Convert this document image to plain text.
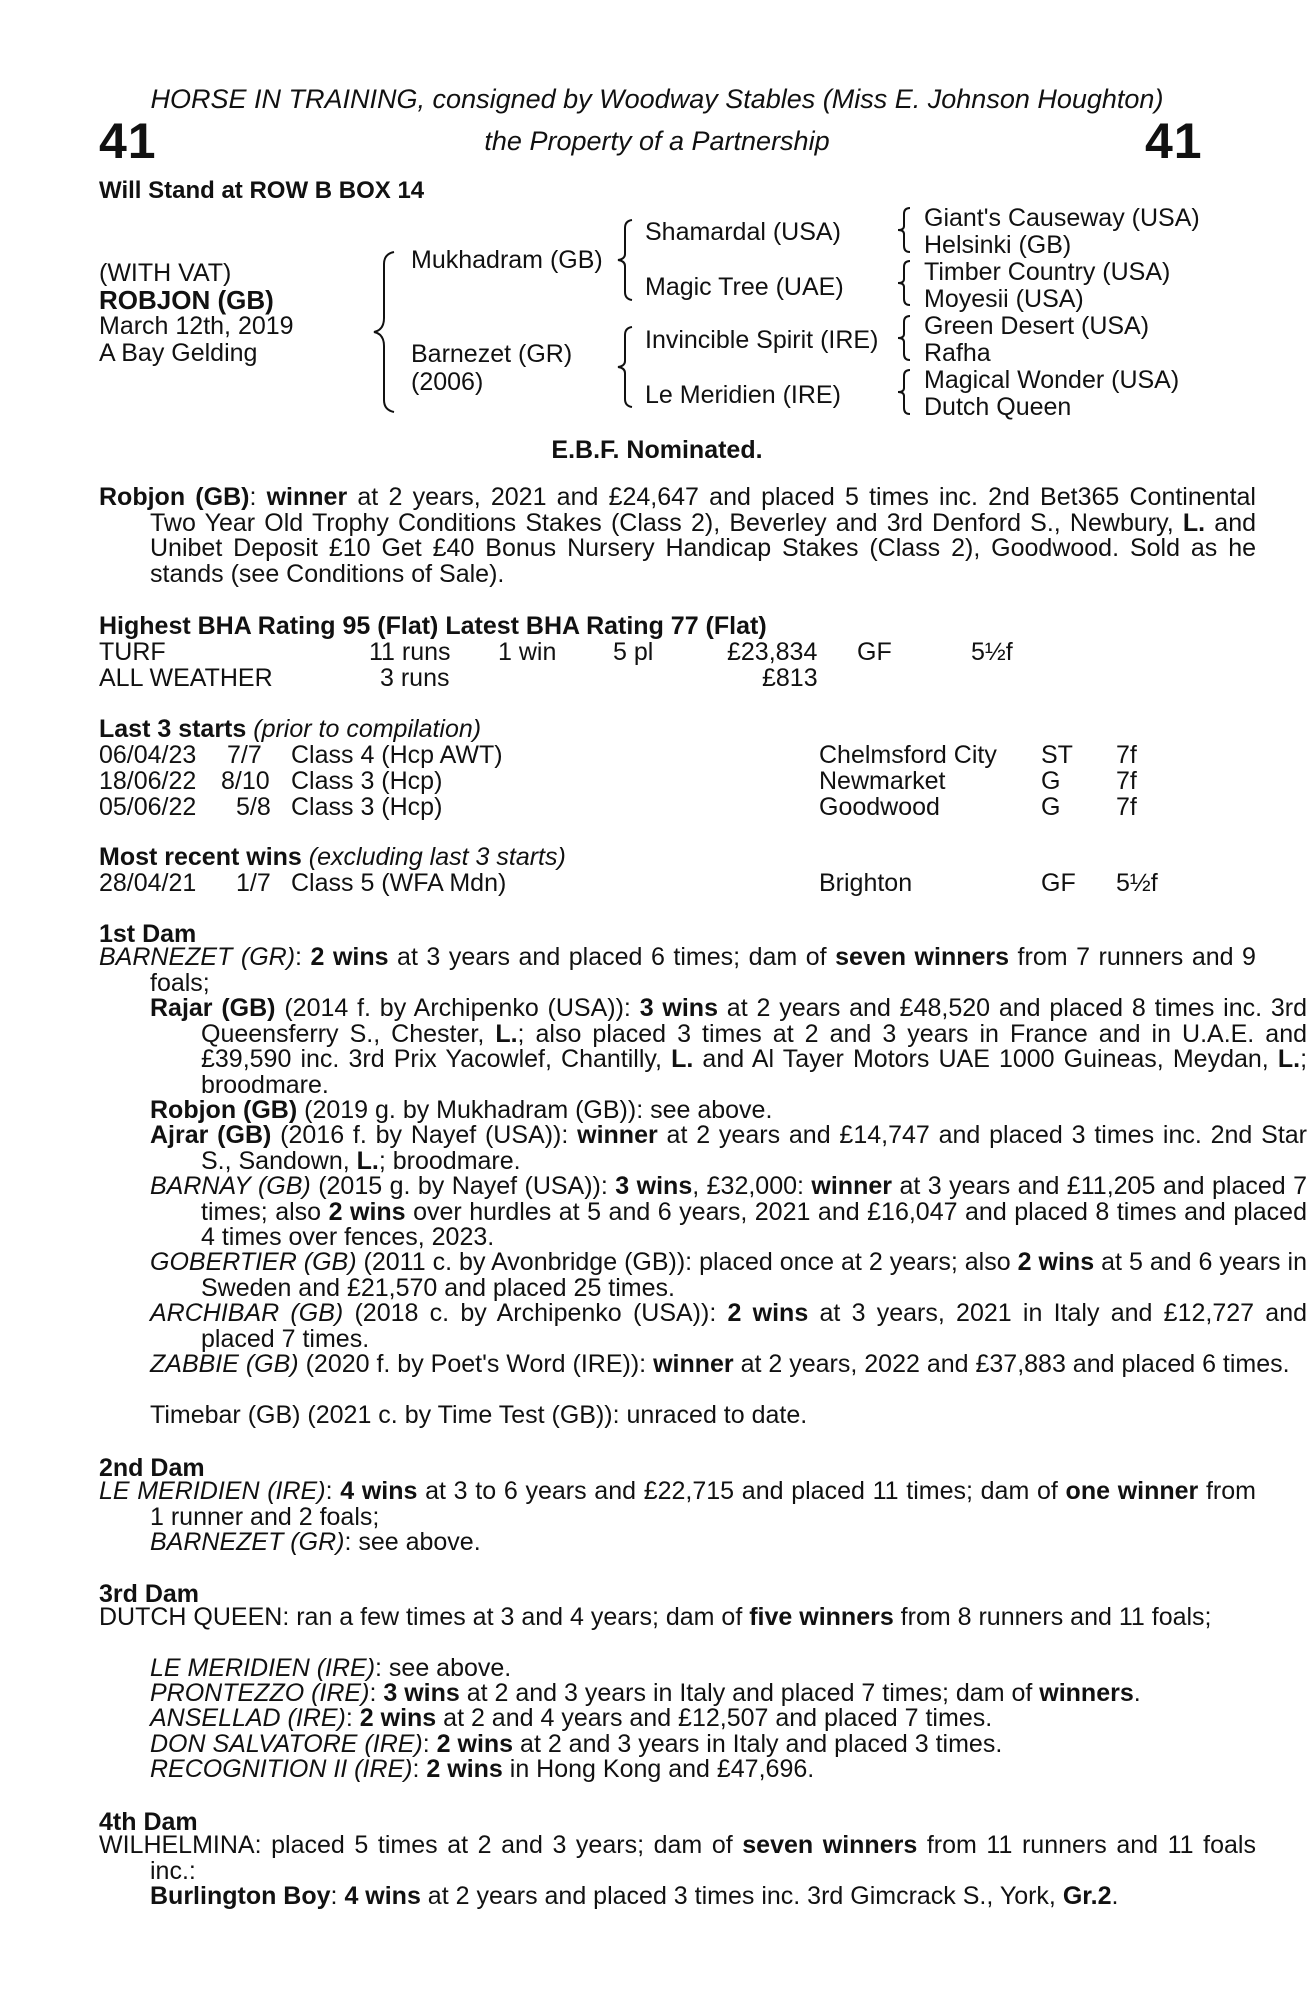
HORSE IN TRAINING, consigned by Woodway Stables (Miss E. Johnson Houghton)
the Property of a Partnership
41	41
Will Stand at ROW B BOX 14
(WITH VAT)
ROBJON (GB)
March 12th, 2019
A Bay Gelding
Mukhadram (GB)
Barnezet (GR)
(2006)
Shamardal (USA)
Magic Tree (UAE)
Invincible Spirit (IRE)
Le Meridien (IRE)
Giant's Causeway (USA)
Helsinki (GB)
Timber Country (USA)
Moyesii (USA)
Green Desert (USA)
Rafha
Magical Wonder (USA)
Dutch Queen
E.B.F. Nominated.
Robjon (GB): winner at 2 years, 2021 and £24,647 and placed 5 times inc. 2nd Bet365 Continental Two Year Old Trophy Conditions Stakes (Class 2), Beverley and 3rd Denford S., Newbury, L. and Unibet Deposit £10 Get £40 Bonus Nursery Handicap Stakes (Class 2), Goodwood. Sold as he stands (see Conditions of Sale).
Highest BHA Rating 95 (Flat) Latest BHA Rating 77 (Flat)
TURF	11 runs 1 win 5 pl	£23,834 GF	5½f
ALL WEATHER	3 runs	£813
Last 3 starts (prior to compilation)
06/04/23 7/7 Class 4 (Hcp AWT)	Chelmsford City ST 7f
18/06/22 8/10 Class 3 (Hcp)	Newmarket	G 7f
05/06/22 5/8 Class 3 (Hcp)	Goodwood	G 7f
Most recent wins (excluding last 3 starts)
28/04/21 1/7 Class 5 (WFA Mdn)	Brighton	GF 5½f
1st Dam
BARNEZET (GR): 2 wins at 3 years and placed 6 times; dam of seven winners from 7 runners and 9 foals;
Rajar (GB) (2014 f. by Archipenko (USA)): 3 wins at 2 years and £48,520 and placed 8 times inc. 3rd Queensferry S., Chester, L.; also placed 3 times at 2 and 3 years in France and in U.A.E. and £39,590 inc. 3rd Prix Yacowlef, Chantilly, L. and Al Tayer Motors UAE 1000 Guineas, Meydan, L.; broodmare.
Robjon (GB) (2019 g. by Mukhadram (GB)): see above.
Ajrar (GB) (2016 f. by Nayef (USA)): winner at 2 years and £14,747 and placed 3 times inc. 2nd Star S., Sandown, L.; broodmare.
BARNAY (GB) (2015 g. by Nayef (USA)): 3 wins, £32,000: winner at 3 years and £11,205 and placed 7 times; also 2 wins over hurdles at 5 and 6 years, 2021 and £16,047 and placed 8 times and placed 4 times over fences, 2023.
GOBERTIER (GB) (2011 c. by Avonbridge (GB)): placed once at 2 years; also 2 wins at 5 and 6 years in Sweden and £21,570 and placed 25 times.
ARCHIBAR (GB) (2018 c. by Archipenko (USA)): 2 wins at 3 years, 2021 in Italy and £12,727 and placed 7 times.
ZABBIE (GB) (2020 f. by Poet's Word (IRE)): winner at 2 years, 2022 and £37,883 and placed 6 times.
Timebar (GB) (2021 c. by Time Test (GB)): unraced to date.
2nd Dam
LE MERIDIEN (IRE): 4 wins at 3 to 6 years and £22,715 and placed 11 times; dam of one winner from 1 runner and 2 foals;
BARNEZET (GR): see above.
3rd Dam
DUTCH QUEEN: ran a few times at 3 and 4 years; dam of five winners from 8 runners and 11 foals;
LE MERIDIEN (IRE): see above.
PRONTEZZO (IRE): 3 wins at 2 and 3 years in Italy and placed 7 times; dam of winners.
ANSELLAD (IRE): 2 wins at 2 and 4 years and £12,507 and placed 7 times.
DON SALVATORE (IRE): 2 wins at 2 and 3 years in Italy and placed 3 times.
RECOGNITION II (IRE): 2 wins in Hong Kong and £47,696.
4th Dam
WILHELMINA: placed 5 times at 2 and 3 years; dam of seven winners from 11 runners and 11 foals inc.:
Burlington Boy: 4 wins at 2 years and placed 3 times inc. 3rd Gimcrack S., York, Gr.2.
